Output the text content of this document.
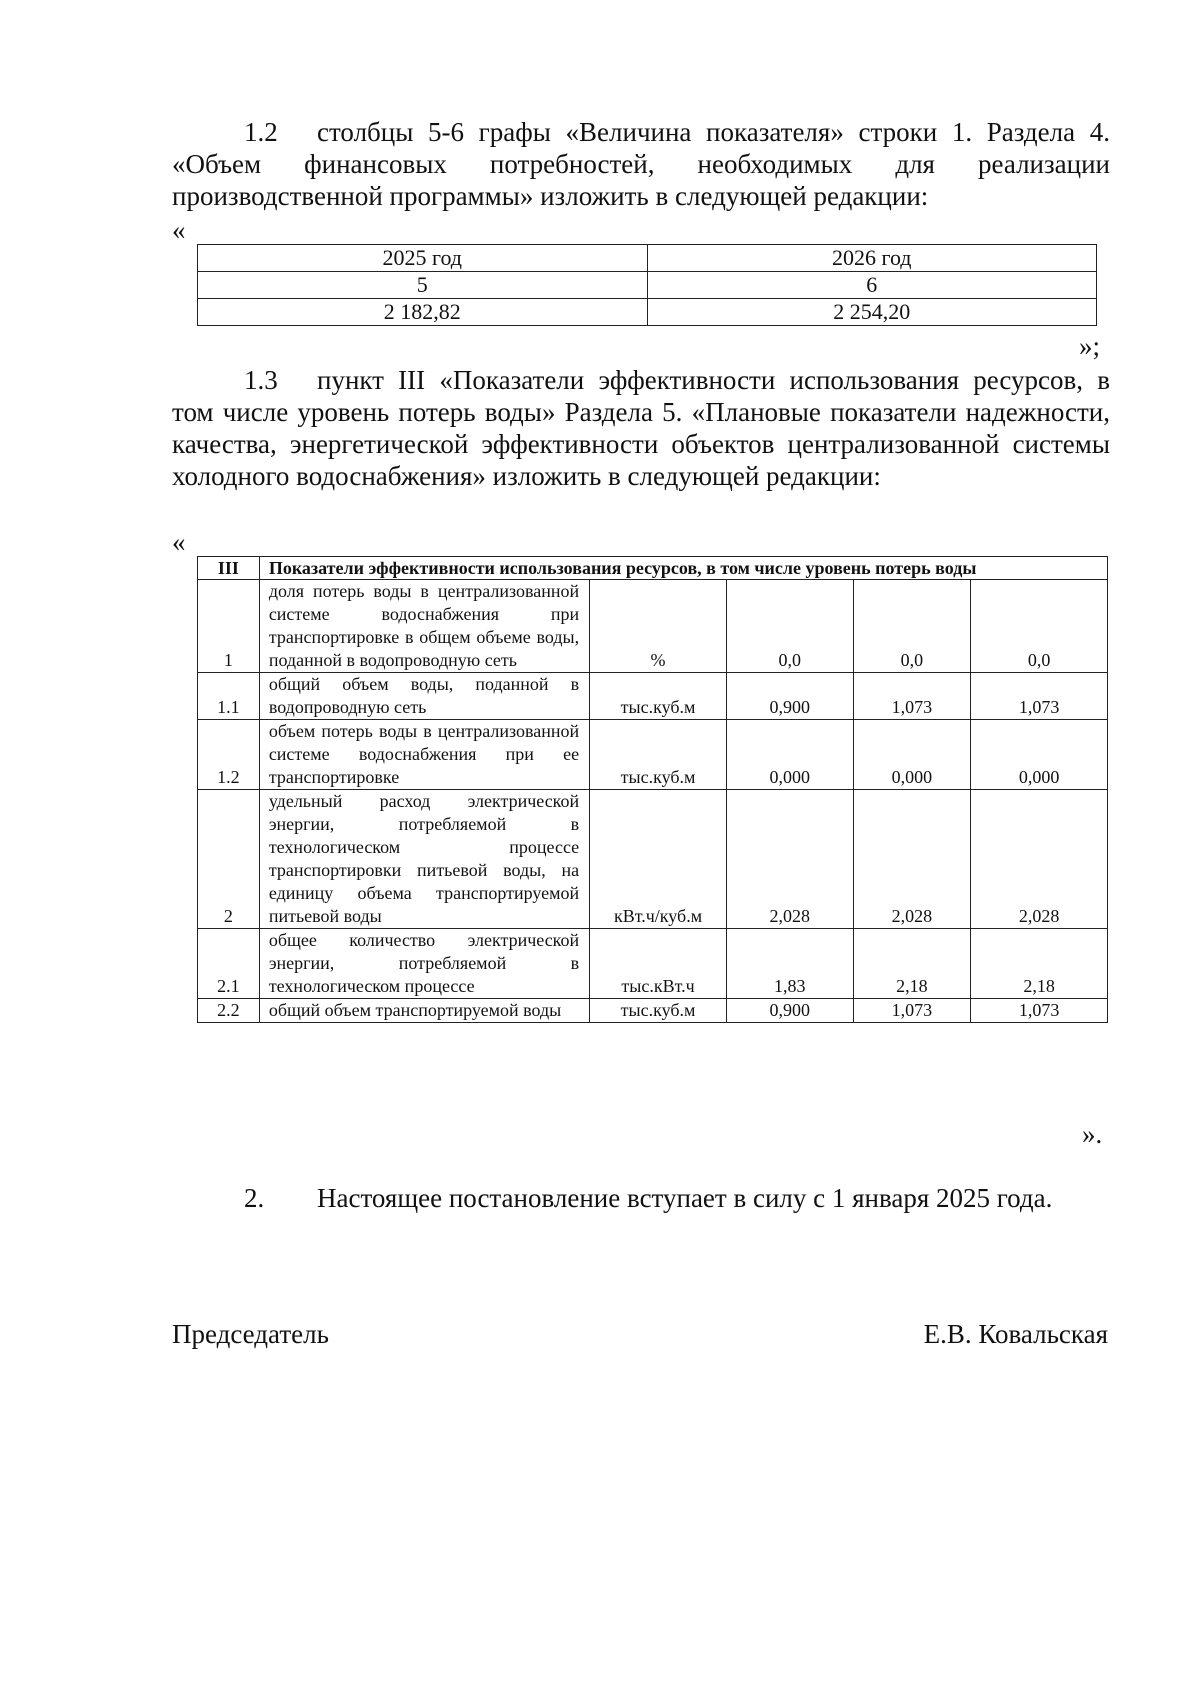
1.2 столбцы 5-6 графы «Величина показателя» строки 1. Раздела 4. «Объем финансовых потребностей, необходимых для реализации производственной программы» изложить в следующей редакции:
«
2025 год	2026 год
5	6
2 182,82	2 254,20
»;
1.3 пункт III «Показатели эффективности использования ресурсов, в том числе уровень потерь воды» Раздела 5. «Плановые показатели надежности, качества, энергетической эффективности объектов централизованной системы холодного водоснабжения» изложить в следующей редакции:
«
III	Показатели эффективности использования ресурсов, в том числе уровень потерь воды				
1	доля потерь воды в централизованной системе водоснабжения при транспортировке в общем объеме воды, поданной в водопроводную сеть	%	0,0	0,0	0,0
1.1	общий объем воды, поданной в водопроводную сеть	тыс.куб.м	0,900	1,073	1,073
1.2	объем потерь воды в централизованной системе водоснабжения при ее транспортировке	тыс.куб.м	0,000	0,000	0,000
2	удельный расход электрической энергии, потребляемой в технологическом процессе транспортировки питьевой воды, на единицу объема транспортируемой питьевой воды	кВт.ч/куб.м	2,028	2,028	2,028
2.1	общее количество электрической энергии, потребляемой в технологическом процессе	тыс.кВт.ч	1,83	2,18	2,18
2.2	общий объем транспортируемой воды	тыс.куб.м	0,900	1,073	1,073
».
2. Настоящее постановление вступает в силу с 1 января 2025 года.
Председатель	Е.В. Ковальская
